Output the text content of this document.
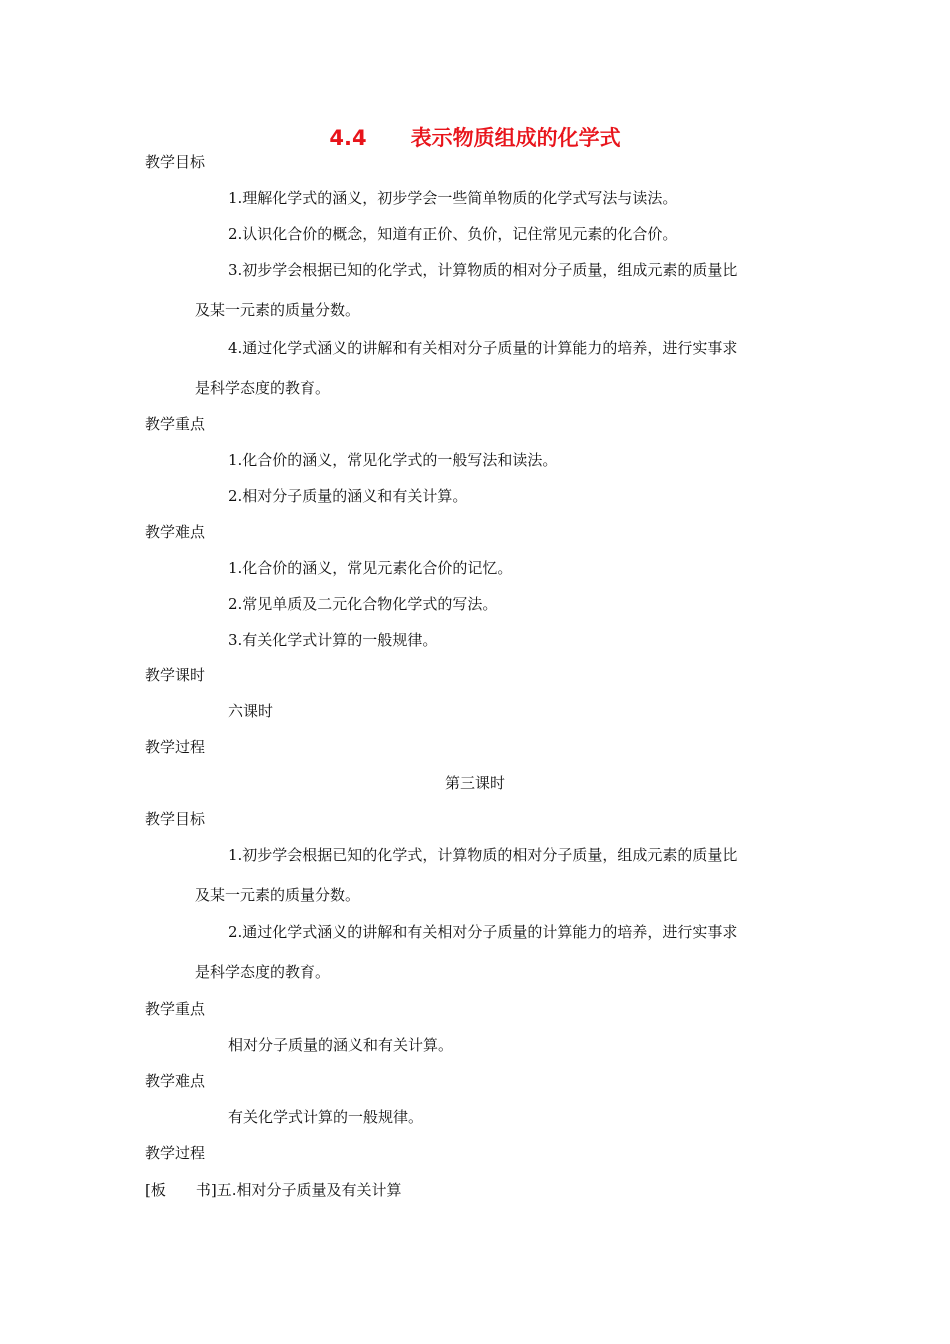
4.4 表示物质组成的化学式
教学目标
1.理解化学式的涵义，初步学会一些简单物质的化学式写法与读法。
2.认识化合价的概念，知道有正价、负价，记住常见元素的化合价。
3.初步学会根据已知的化学式，计算物质的相对分子质量，组成元素的质量比
及某一元素的质量分数。
4.通过化学式涵义的讲解和有关相对分子质量的计算能力的培养，进行实事求
是科学态度的教育。
教学重点
1.化合价的涵义，常见化学式的一般写法和读法。
2.相对分子质量的涵义和有关计算。
教学难点
1.化合价的涵义，常见元素化合价的记忆。
2.常见单质及二元化合物化学式的写法。
3.有关化学式计算的一般规律。
教学课时
六课时
教学过程
第三课时
教学目标
1.初步学会根据已知的化学式，计算物质的相对分子质量，组成元素的质量比
及某一元素的质量分数。
2.通过化学式涵义的讲解和有关相对分子质量的计算能力的培养，进行实事求
是科学态度的教育。
教学重点
相对分子质量的涵义和有关计算。
教学难点
有关化学式计算的一般规律。
教学过程
[板 书]五.相对分子质量及有关计算
